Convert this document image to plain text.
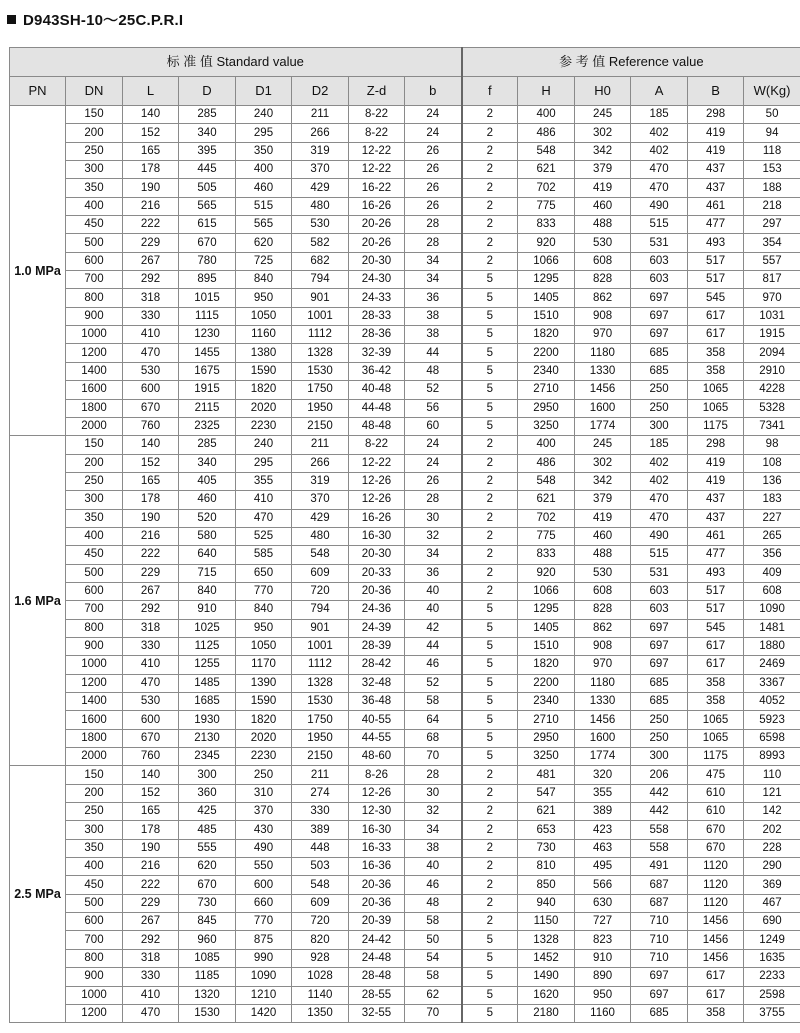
D943SH-10～25C.P.R.I
标 准 值 Standard value								参 考 值 Reference value					
PN	DN	L	D	D1	D2	Z-d	b	f	H	H0	A	B	W(Kg)
1.0 MPa	150	140	285	240	211	8-22	24	2	400	245	185	298	50
	200	152	340	295	266	8-22	24	2	486	302	402	419	94
	250	165	395	350	319	12-22	26	2	548	342	402	419	118
	300	178	445	400	370	12-22	26	2	621	379	470	437	153
	350	190	505	460	429	16-22	26	2	702	419	470	437	188
	400	216	565	515	480	16-26	26	2	775	460	490	461	218
	450	222	615	565	530	20-26	28	2	833	488	515	477	297
	500	229	670	620	582	20-26	28	2	920	530	531	493	354
	600	267	780	725	682	20-30	34	2	1066	608	603	517	557
	700	292	895	840	794	24-30	34	5	1295	828	603	517	817
	800	318	1015	950	901	24-33	36	5	1405	862	697	545	970
	900	330	1115	1050	1001	28-33	38	5	1510	908	697	617	1031
	1000	410	1230	1160	1112	28-36	38	5	1820	970	697	617	1915
	1200	470	1455	1380	1328	32-39	44	5	2200	1180	685	358	2094
	1400	530	1675	1590	1530	36-42	48	5	2340	1330	685	358	2910
	1600	600	1915	1820	1750	40-48	52	5	2710	1456	250	1065	4228
	1800	670	2115	2020	1950	44-48	56	5	2950	1600	250	1065	5328
	2000	760	2325	2230	2150	48-48	60	5	3250	1774	300	1175	7341
1.6 MPa	150	140	285	240	211	8-22	24	2	400	245	185	298	98
	200	152	340	295	266	12-22	24	2	486	302	402	419	108
	250	165	405	355	319	12-26	26	2	548	342	402	419	136
	300	178	460	410	370	12-26	28	2	621	379	470	437	183
	350	190	520	470	429	16-26	30	2	702	419	470	437	227
	400	216	580	525	480	16-30	32	2	775	460	490	461	265
	450	222	640	585	548	20-30	34	2	833	488	515	477	356
	500	229	715	650	609	20-33	36	2	920	530	531	493	409
	600	267	840	770	720	20-36	40	2	1066	608	603	517	608
	700	292	910	840	794	24-36	40	5	1295	828	603	517	1090
	800	318	1025	950	901	24-39	42	5	1405	862	697	545	1481
	900	330	1125	1050	1001	28-39	44	5	1510	908	697	617	1880
	1000	410	1255	1170	1112	28-42	46	5	1820	970	697	617	2469
	1200	470	1485	1390	1328	32-48	52	5	2200	1180	685	358	3367
	1400	530	1685	1590	1530	36-48	58	5	2340	1330	685	358	4052
	1600	600	1930	1820	1750	40-55	64	5	2710	1456	250	1065	5923
	1800	670	2130	2020	1950	44-55	68	5	2950	1600	250	1065	6598
	2000	760	2345	2230	2150	48-60	70	5	3250	1774	300	1175	8993
2.5 MPa	150	140	300	250	211	8-26	28	2	481	320	206	475	110
	200	152	360	310	274	12-26	30	2	547	355	442	610	121
	250	165	425	370	330	12-30	32	2	621	389	442	610	142
	300	178	485	430	389	16-30	34	2	653	423	558	670	202
	350	190	555	490	448	16-33	38	2	730	463	558	670	228
	400	216	620	550	503	16-36	40	2	810	495	491	1120	290
	450	222	670	600	548	20-36	46	2	850	566	687	1120	369
	500	229	730	660	609	20-36	48	2	940	630	687	1120	467
	600	267	845	770	720	20-39	58	2	1150	727	710	1456	690
	700	292	960	875	820	24-42	50	5	1328	823	710	1456	1249
	800	318	1085	990	928	24-48	54	5	1452	910	710	1456	1635
	900	330	1185	1090	1028	28-48	58	5	1490	890	697	617	2233
	1000	410	1320	1210	1140	28-55	62	5	1620	950	697	617	2598
	1200	470	1530	1420	1350	32-55	70	5	2180	1160	685	358	3755
